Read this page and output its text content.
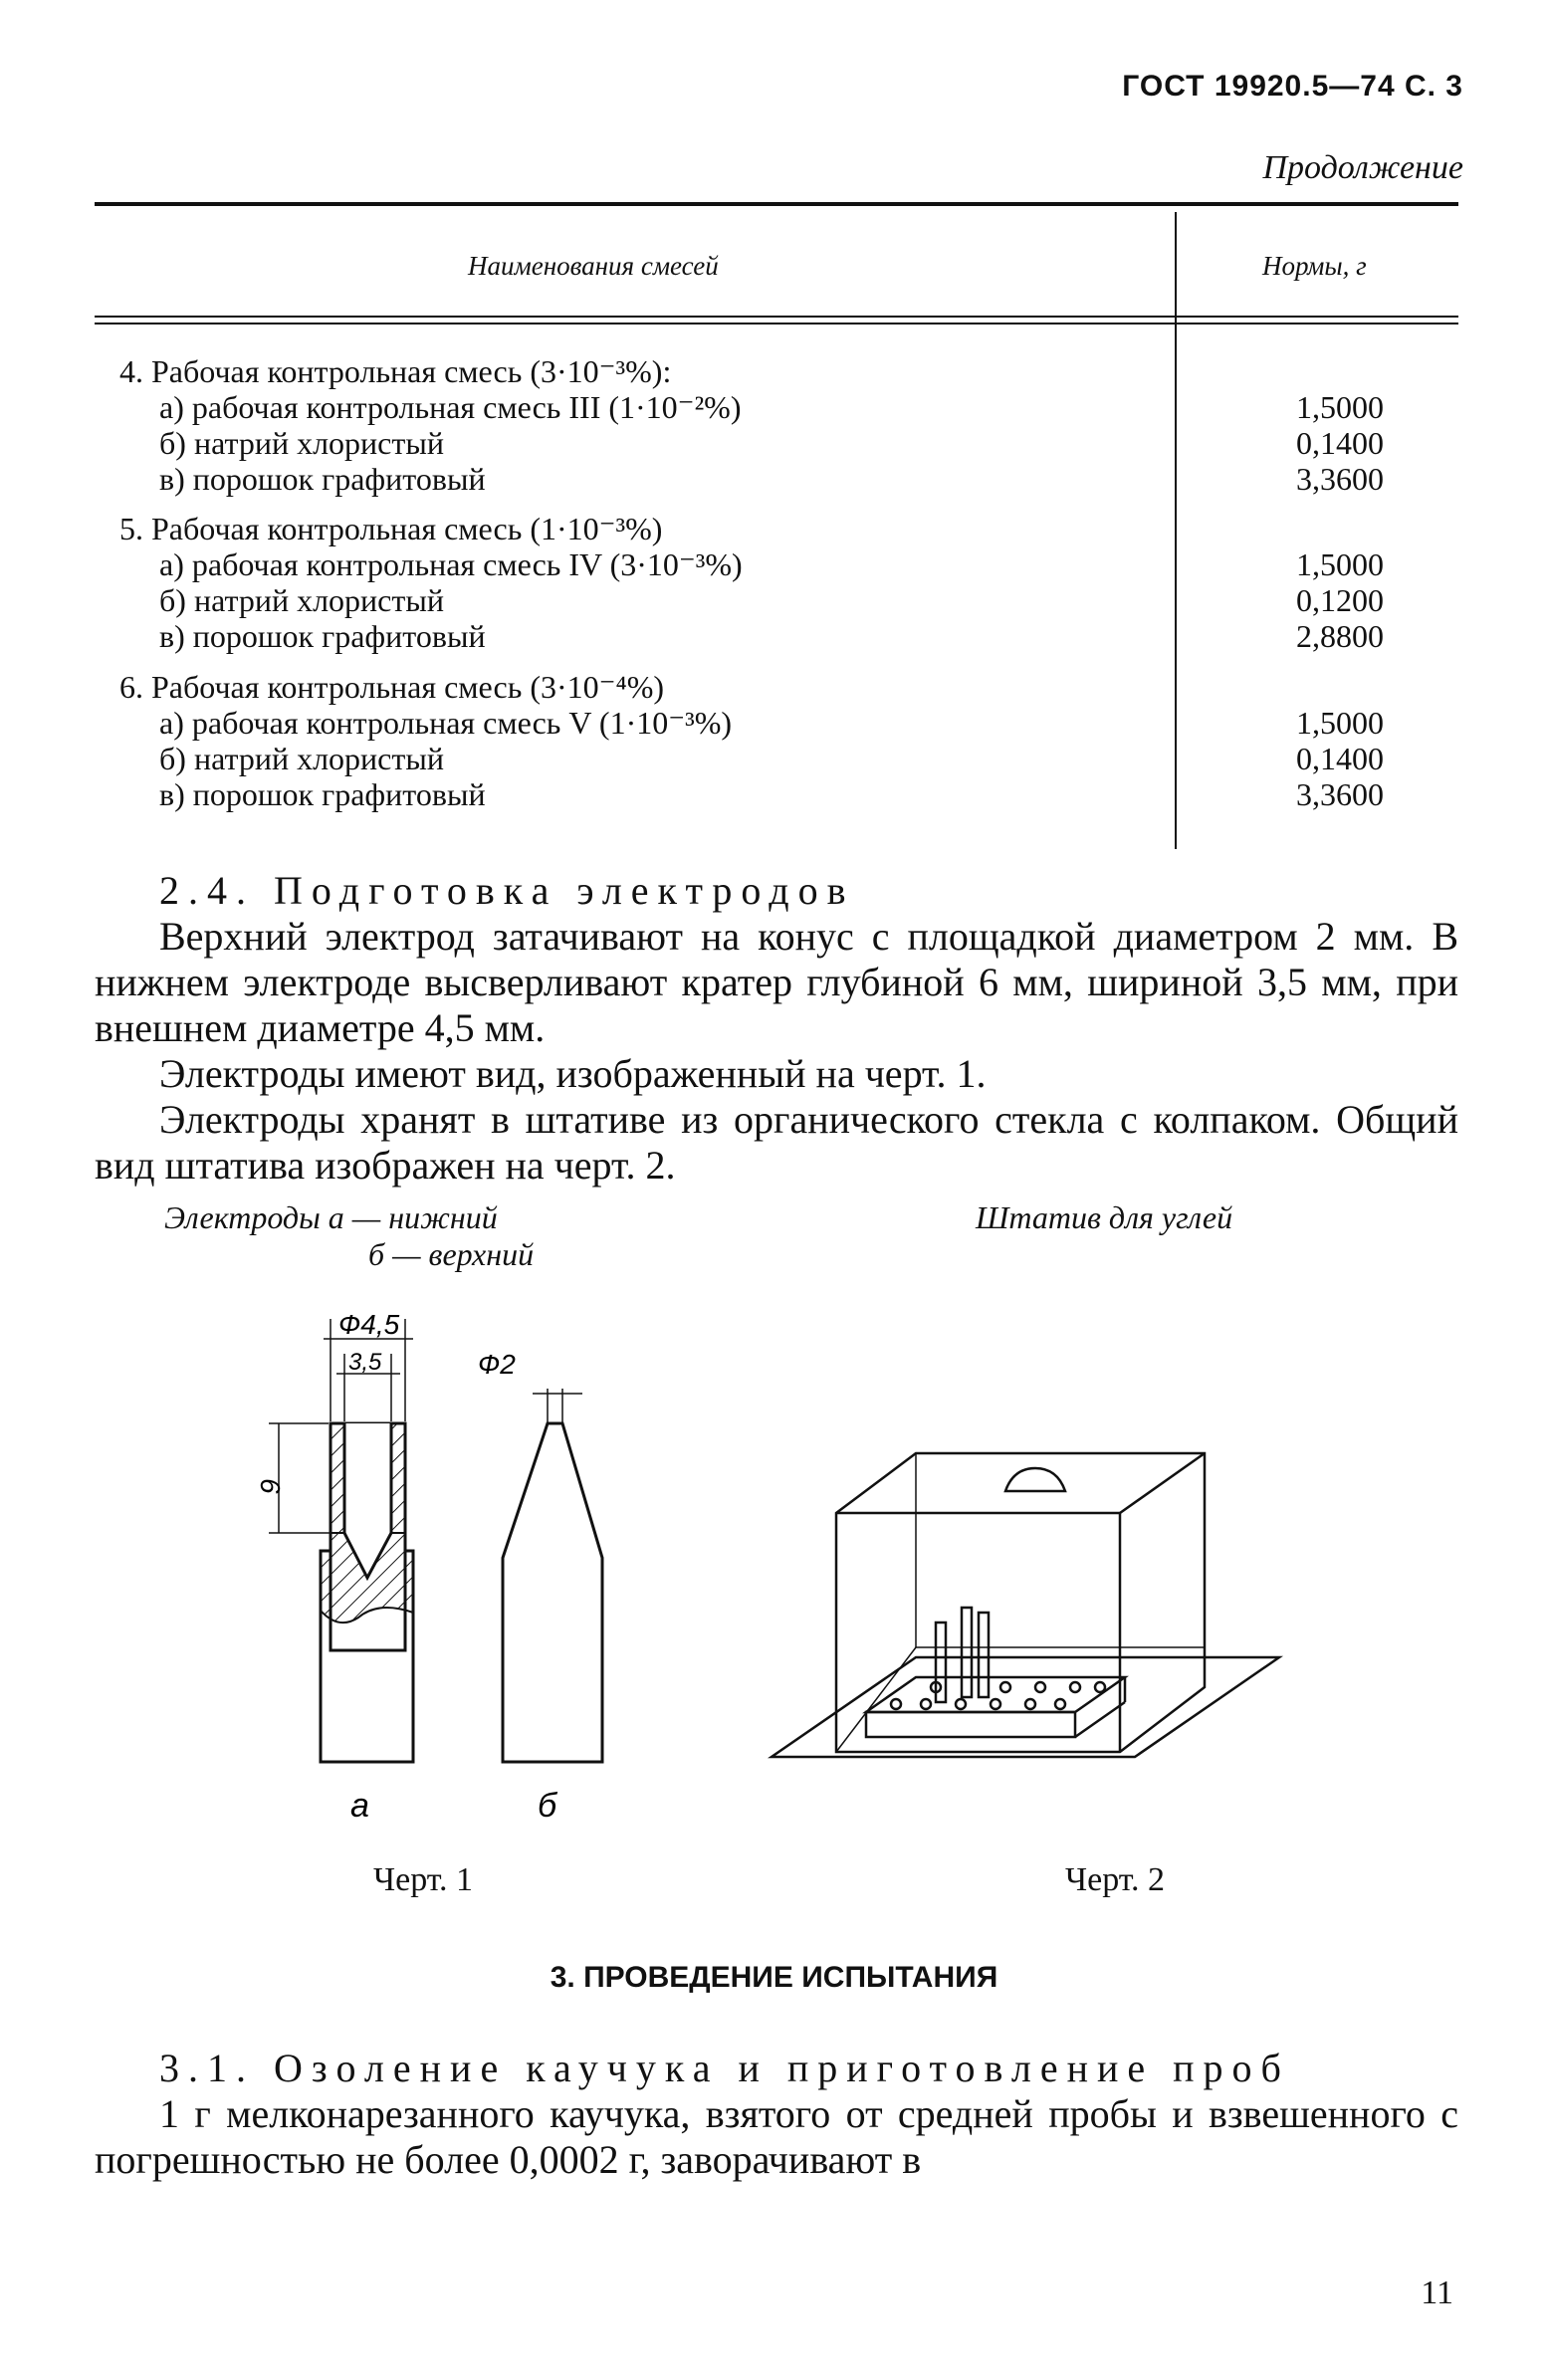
ГОСТ 19920.5—74 С. 3
Продолжение
Наименования смесей	Нормы, г
4. Рабочая контрольная смесь (3·10⁻³%):
а) рабочая контрольная смесь III (1·10⁻²%)	1,5000
б) натрий хлористый	0,1400
в) порошок графитовый	3,3600
5. Рабочая контрольная смесь (1·10⁻³%)
а) рабочая контрольная смесь IV (3·10⁻³%)	1,5000
б) натрий хлористый	0,1200
в) порошок графитовый	2,8800
6. Рабочая контрольная смесь (3·10⁻⁴%)
а) рабочая контрольная смесь V (1·10⁻³%)	1,5000
б) натрий хлористый	0,1400
в) порошок графитовый	3,3600
2.4. Подготовка электродов
Верхний электрод затачивают на конус с площадкой диаметром 2 мм. В нижнем электроде высверливают кратер глубиной 6 мм, шириной 3,5 мм, при внешнем диаметре 4,5 мм.
Электроды имеют вид, изображенный на черт. 1.
Электроды хранят в штативе из органического стекла с колпаком. Общий вид штатива изображен на черт. 2.
Электроды а — нижний
б — верхний
Штатив для углей
Ф4,5
3,5
6
Ф2
а	б
Черт. 1	Черт. 2
3. ПРОВЕДЕНИЕ ИСПЫТАНИЯ
3.1. Озоление каучука и приготовление проб
1 г мелконарезанного каучука, взятого от средней пробы и взвешенного с погрешностью не более 0,0002 г, заворачивают в
11
